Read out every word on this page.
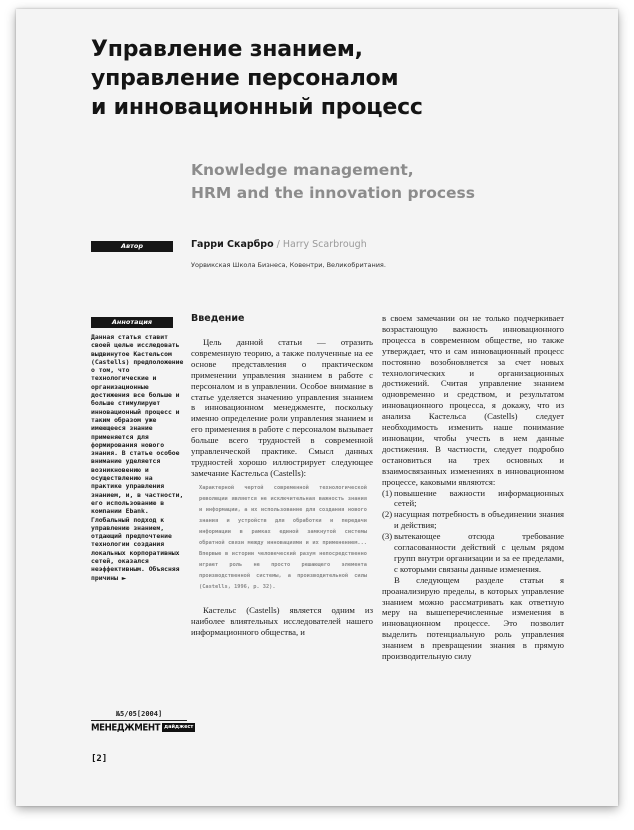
Управление знанием,
управление персоналом
и инновационный процесс
Knowledge management,
HRM and the innovation process
Автор	Гарри Скарбро / Harry Scarbrough
Уорвикская Школа Бизнеса, Ковентри, Великобритания.
Аннотация
Данная статья ставит своей целью исследовать выдвинутое Кастельсом (Castells) предположение о том, что технологические и организационные достижения все больше и больше стимулируют инновационный процесс и таким образом уже имеющееся знание применяется для формирования нового знания. В статье особое внимание уделяется возникновению и осуществлению на практике управления знанием, и, в частности, его использованию в компании Ebank. Глобальный подход к управлению знанием, отдающий предпочтение технологии создания локальных корпоративных сетей, оказался неэффективным. Объясняя причины ►
Введение

Цель данной статьи — отразить современную теорию, а также полученные на ее основе представления о практическом применении управления знанием в работе с персоналом и в управлении. Особое внимание в статье уделяется значению управления знанием в инновационном менеджменте, поскольку именно определение роли управления знанием и его применения в работе с персоналом вызывает больше всего трудностей в современной управленческой практике. Смысл данных трудностей хорошо иллюстрирует следующее замечание Кастельса (Castells):

Характерной чертой современной технологической революции является не исключительная важность знания и информации, а их использование для создания нового знания и устройств для обработки и передачи информации в рамках единой замкнутой системы обратной связи между инновациями и их применением... Впервые в истории человеческий разум непосредственно играет роль не просто решающего элемента производственной системы, а производительной силы (Castells, 1996, p. 32).

Кастельс (Castells) является одним из наиболее влиятельных исследователей нашего информационного общества, и

в своем замечании он не только подчеркивает возрастающую важность инновационного процесса в современном обществе, но также утверждает, что и сам инновационный процесс постоянно возобновляется за счет новых технологических и организационных достижений. Считая управление знанием одновременно и средством, и результатом инновационного процесса, я докажу, что из анализа Кастельса (Castells) следует необходимость изменить наше понимание инновации, чтобы учесть в нем данные достижения. В частности, следует подробно остановиться на трех основных и взаимосвязанных изменениях в инновационном процессе, каковыми являются:

(1) повышение важности информационных сетей;
(2) насущная потребность в объединении знания и действия;
(3) вытекающее отсюда требование согласованности действий с целым рядом групп внутри организации и за ее пределами, с которыми связаны данные изменения.

В следующем разделе статьи я проанализирую пределы, в которых управление знанием можно рассматривать как ответную меру на вышеперечисленные изменения в инновационном процессе. Это позволит выделить потенциальную роль управления знанием в превращении знания в прямую производительную силу

№5/05[2004]
МЕНЕДЖМЕНТ дайджест
[2]
